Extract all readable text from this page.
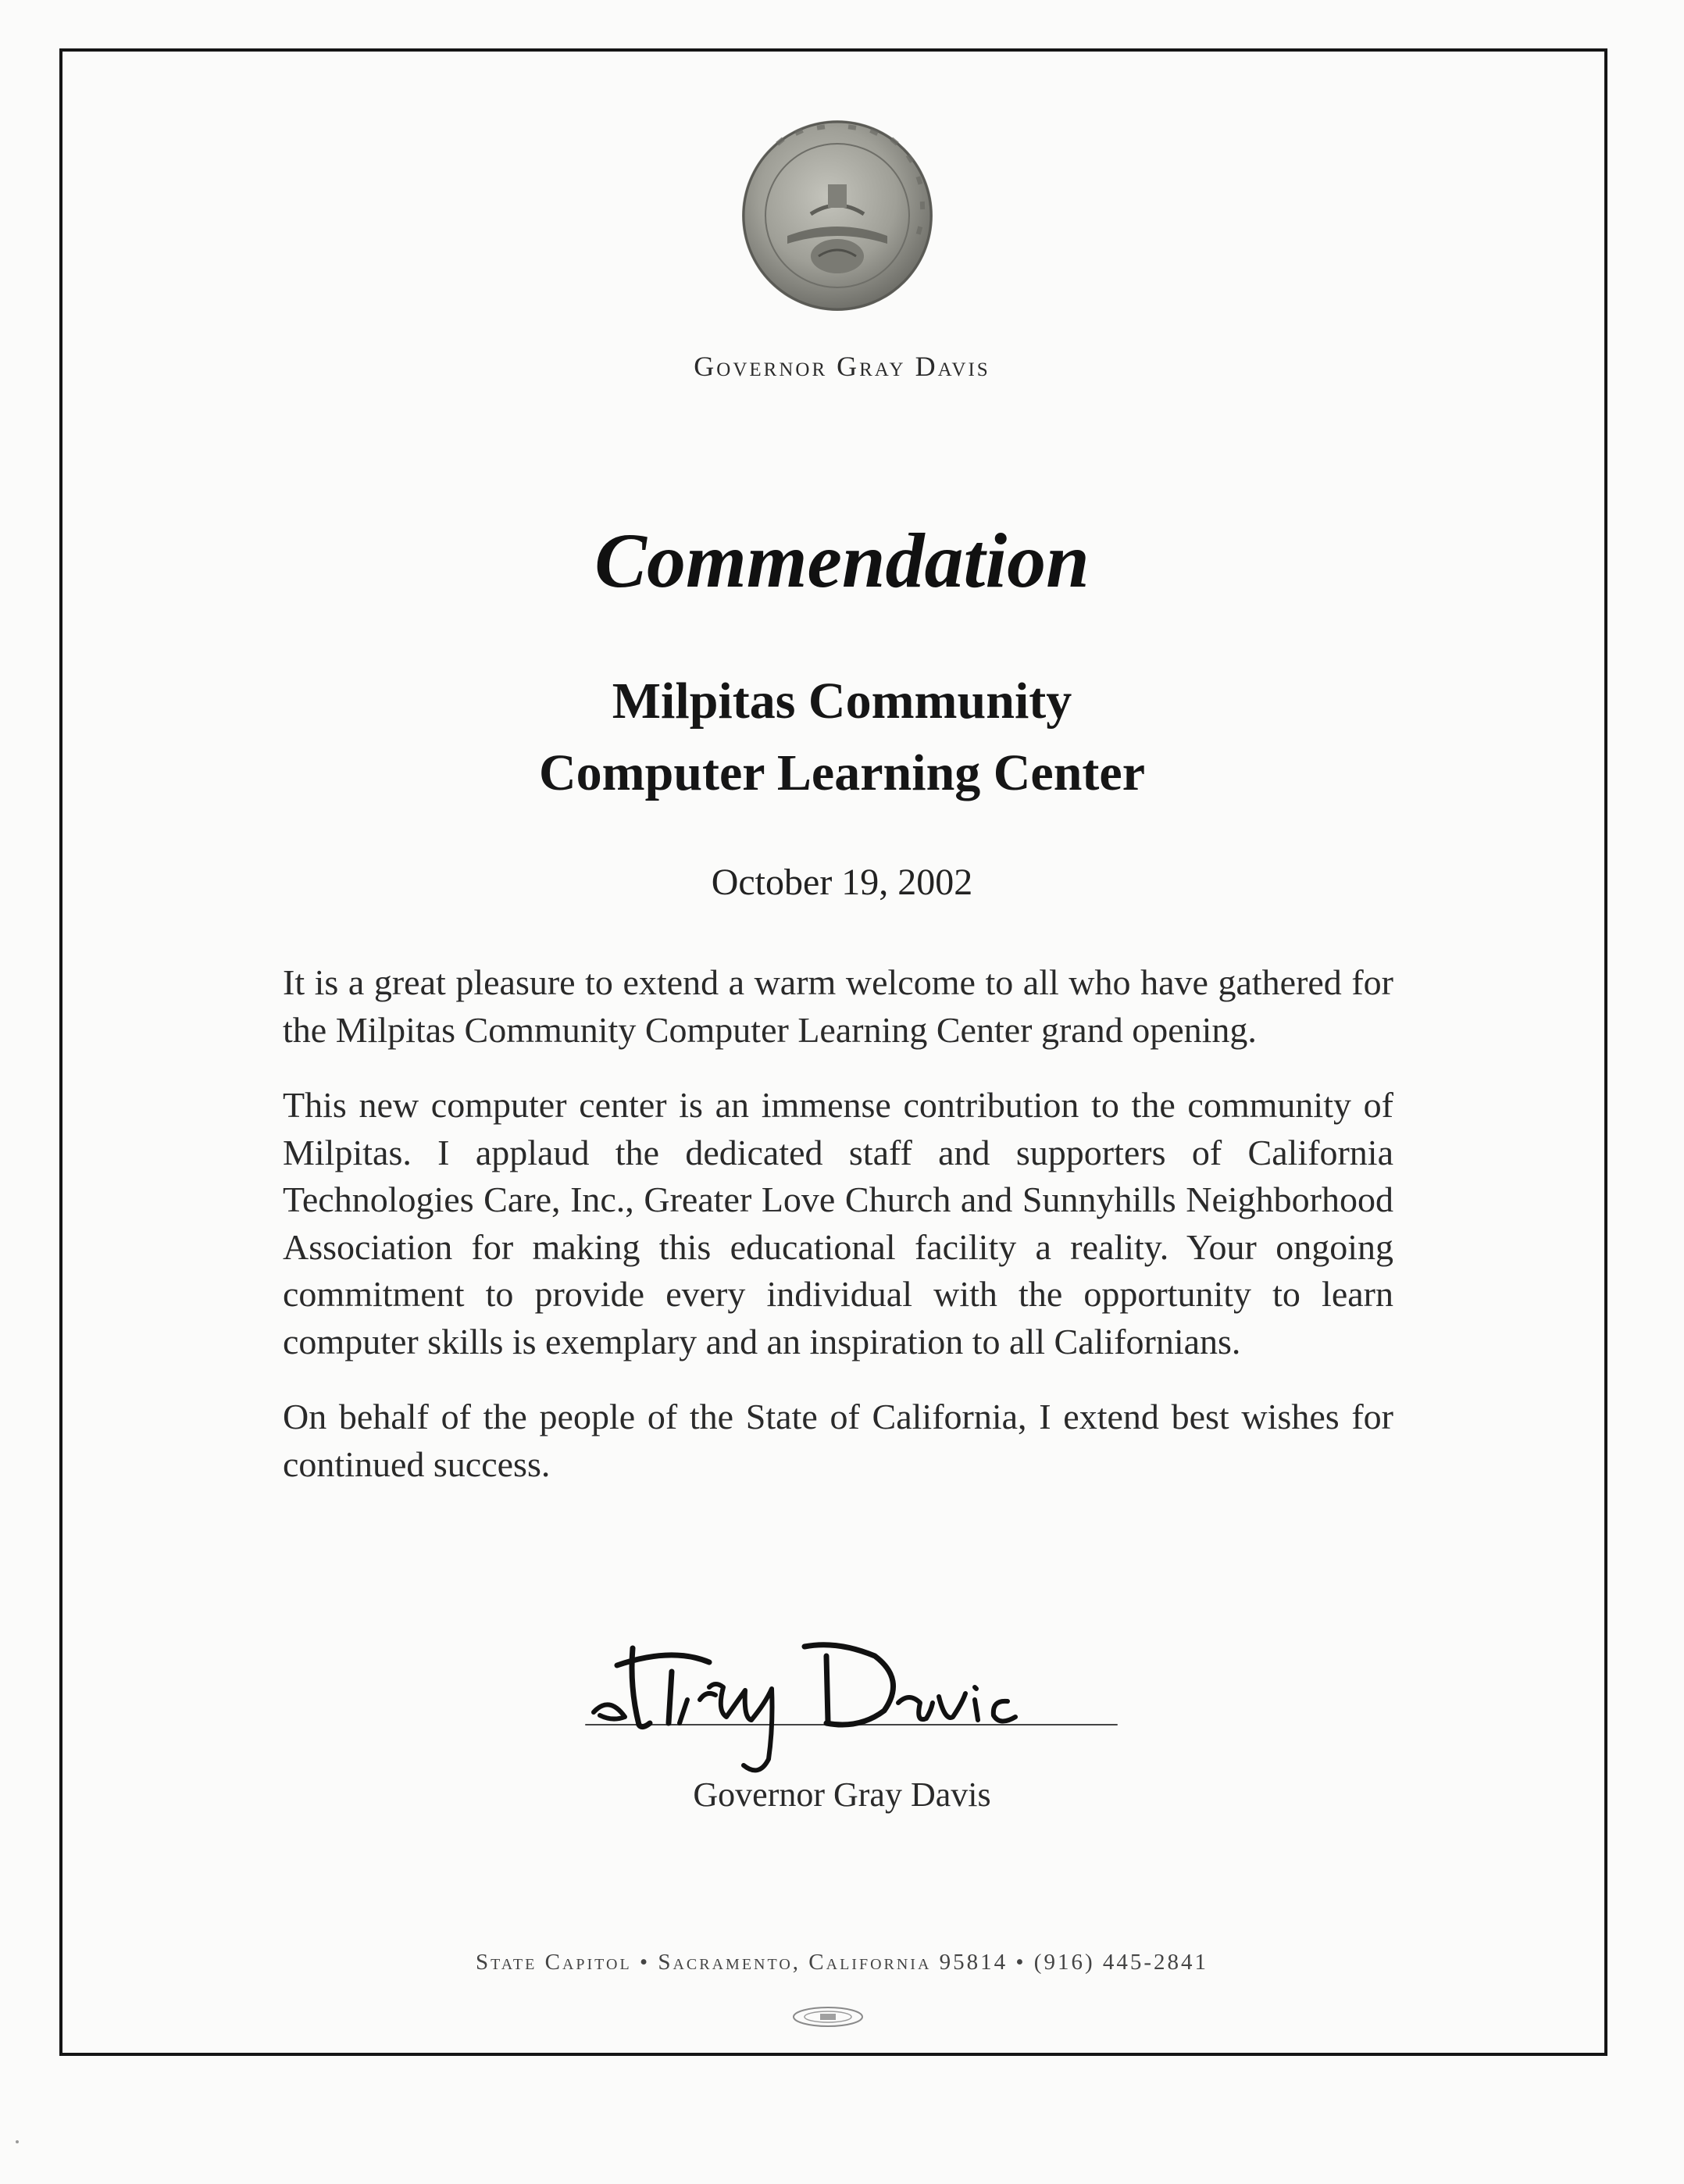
Governor Gray Davis
Commendation
Milpitas Community
Computer Learning Center
October 19, 2002

It is a great pleasure to extend a warm welcome to all who have gathered for the Milpitas Community Computer Learning Center grand opening.

This new computer center is an immense contribution to the community of Milpitas. I applaud the dedicated staff and supporters of California Technologies Care, Inc., Greater Love Church and Sunnyhills Neighborhood Association for making this educational facility a reality. Your ongoing commitment to provide every individual with the opportunity to learn computer skills is exemplary and an inspiration to all Californians.

On behalf of the people of the State of California, I extend best wishes for continued success.

Governor Gray Davis
State Capitol • Sacramento, California 95814 • (916) 445-2841
